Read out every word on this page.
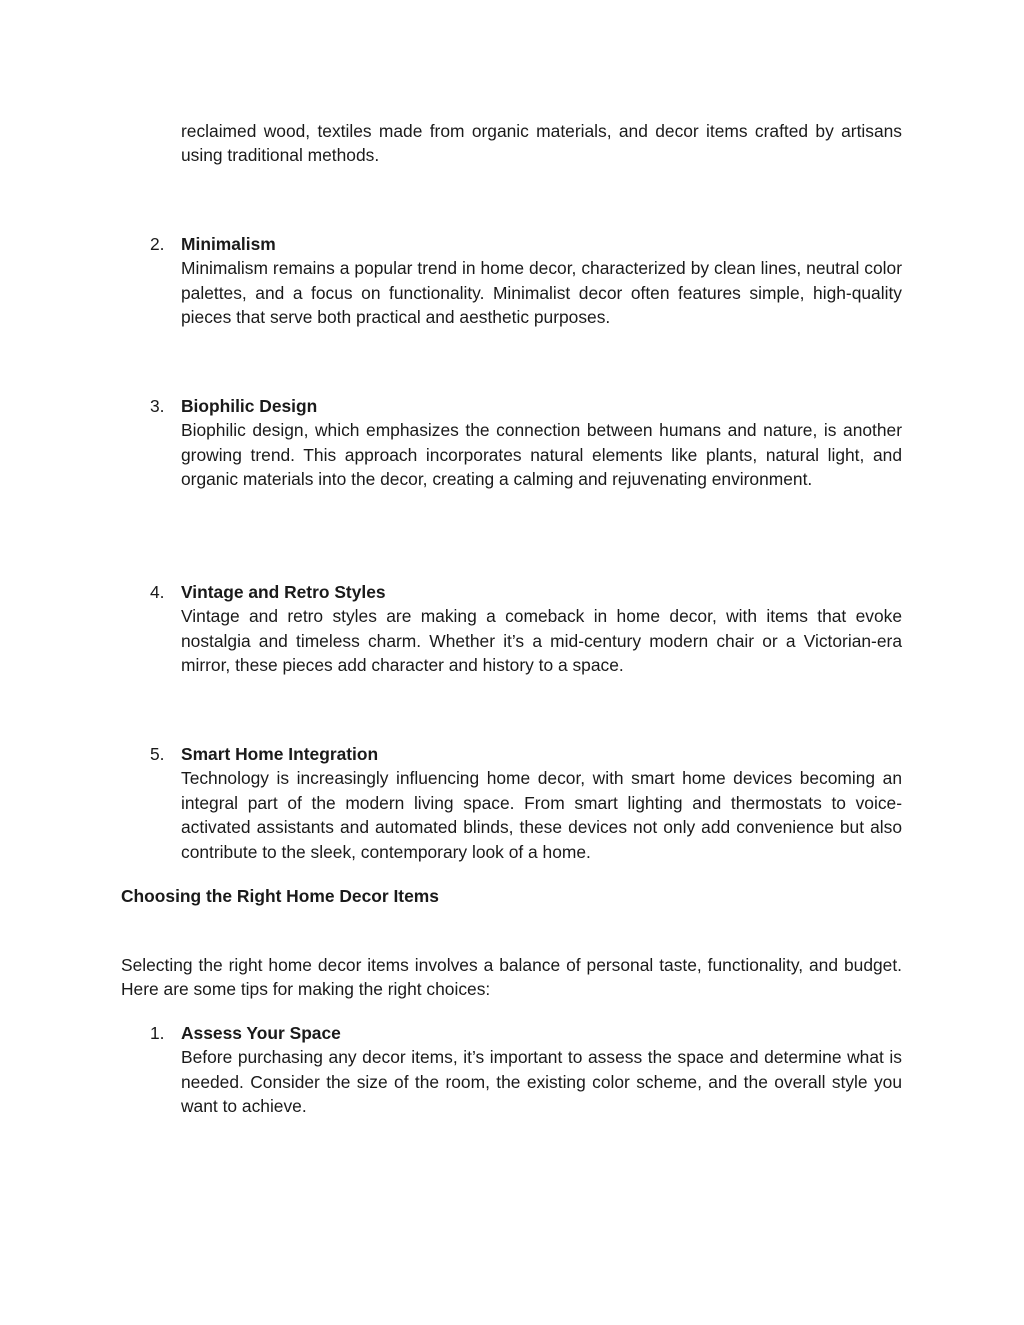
reclaimed wood, textiles made from organic materials, and decor items crafted by artisans using traditional methods.

2. Minimalism

Minimalism remains a popular trend in home decor, characterized by clean lines, neutral color palettes, and a focus on functionality. Minimalist decor often features simple, high-quality pieces that serve both practical and aesthetic purposes.

3. Biophilic Design

Biophilic design, which emphasizes the connection between humans and nature, is another growing trend. This approach incorporates natural elements like plants, natural light, and organic materials into the decor, creating a calming and rejuvenating environment.

4. Vintage and Retro Styles

Vintage and retro styles are making a comeback in home decor, with items that evoke nostalgia and timeless charm. Whether it’s a mid-century modern chair or a Victorian-era mirror, these pieces add character and history to a space.

5. Smart Home Integration

Technology is increasingly influencing home decor, with smart home devices becoming an integral part of the modern living space. From smart lighting and thermostats to voice-activated assistants and automated blinds, these devices not only add convenience but also contribute to the sleek, contemporary look of a home.

Choosing the Right Home Decor Items
Selecting the right home decor items involves a balance of personal taste, functionality, and budget. Here are some tips for making the right choices:
1. Assess Your Space

Before purchasing any decor items, it’s important to assess the space and determine what is needed. Consider the size of the room, the existing color scheme, and the overall style you want to achieve.
